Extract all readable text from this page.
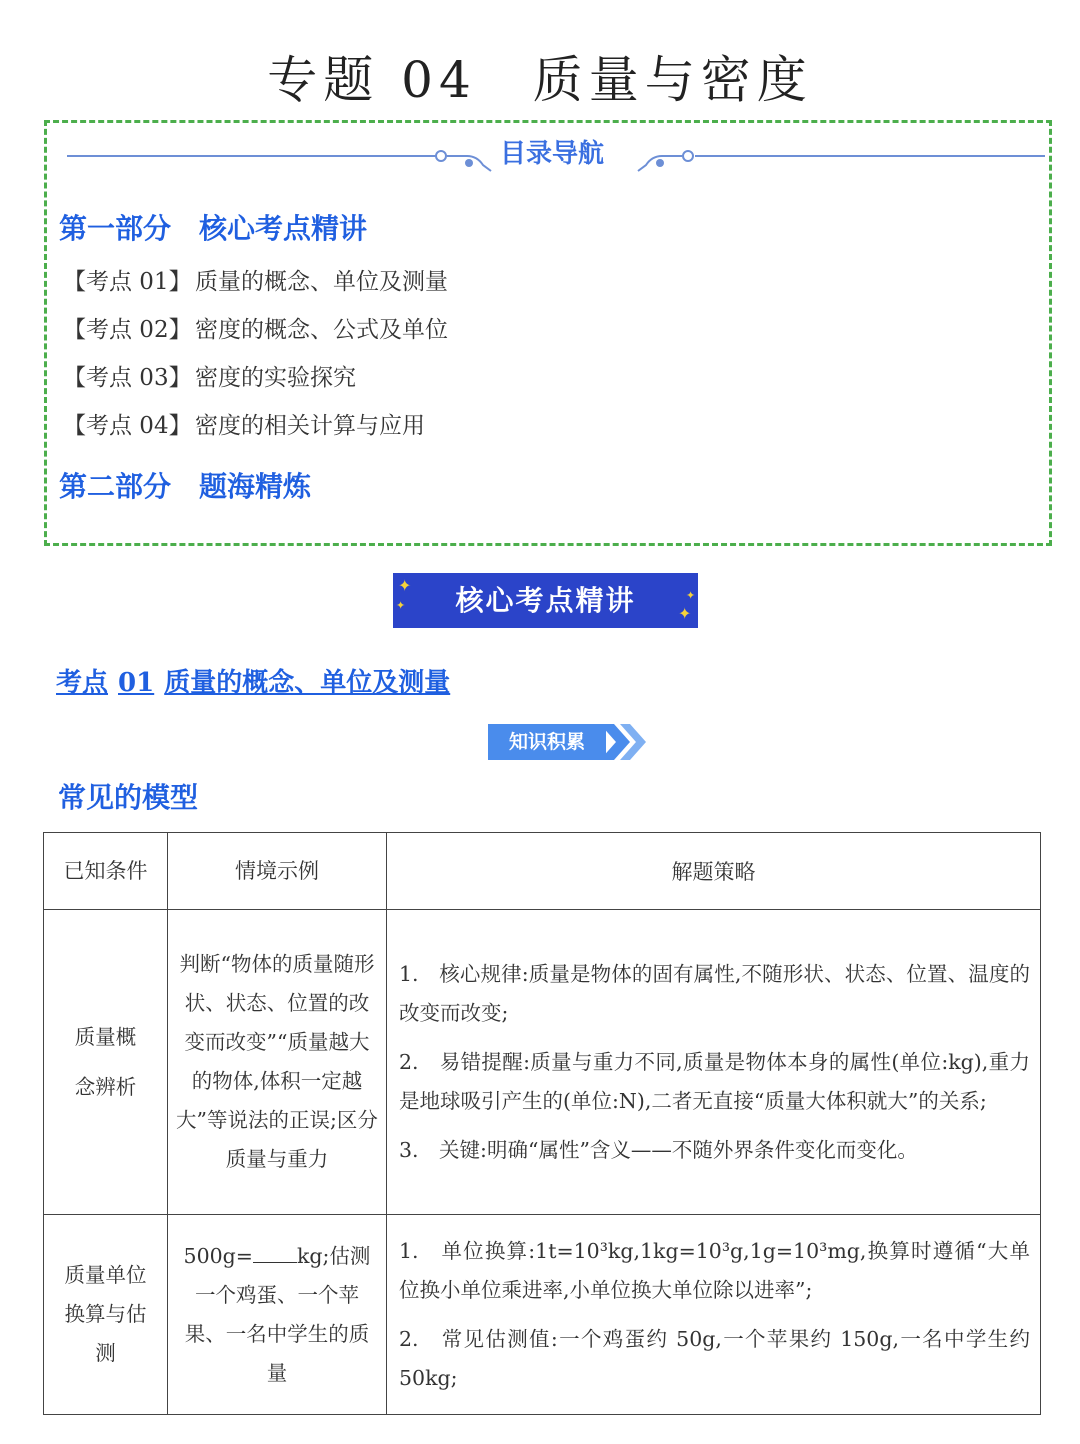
专题 04　质量与密度
目录导航
第一部分 核心考点精讲
【考点 01】 质量的概念、单位及测量
【考点 02】 密度的概念、公式及单位
【考点 03】 密度的实验探究
【考点 04】 密度的相关计算与应用
第二部分 题海精炼
核心考点精讲
✦
✦	✦
✦
考点 01 质量的概念、单位及测量
知识积累
常见的模型
已知条件	情境示例	解题策略
质量概念辨析	判断“物体的质量随形状、状态、位置的改变而改变”“质量越大的物体,体积一定越大”等说法的正误;区分质量与重力	1.　核心规律:质量是物体的固有属性,不随形状、状态、位置、温度的改变而改变;

2.　易错提醒:质量与重力不同,质量是物体本身的属性(单位:kg),重力是地球吸引产生的(单位:N),二者无直接“质量大体积就大”的关系;

3.　关键:明确“属性”含义——不随外界条件变化而变化。

质量单位换算与估测	500g= kg;估测一个鸡蛋、一个苹果、一名中学生的质量	1.　单位换算:1t=10³kg,1kg=10³g,1g=10³mg,换算时遵循“大单位换小单位乘进率,小单位换大单位除以进率”;

2.　常见估测值:一个鸡蛋约 50g,一个苹果约 150g,一名中学生约 50kg;
